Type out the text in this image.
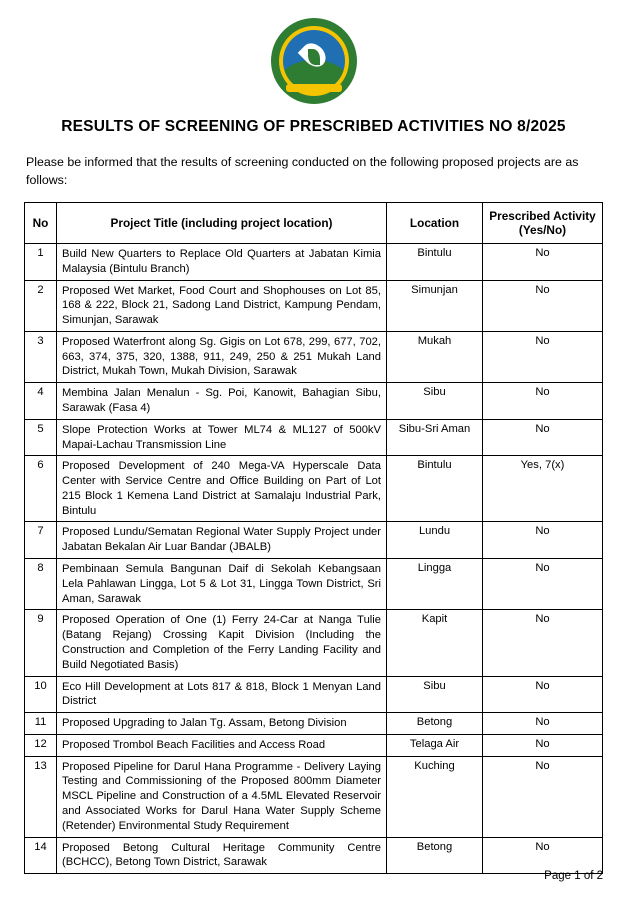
RESULTS OF SCREENING OF PRESCRIBED ACTIVITIES NO 8/2025

Please be informed that the results of screening conducted on the following proposed projects are as follows:

No	Project Title (including project location)	Location	Prescribed Activity (Yes/No)
1	Build New Quarters to Replace Old Quarters at Jabatan Kimia Malaysia (Bintulu Branch)	Bintulu	No
2	Proposed Wet Market, Food Court and Shophouses on Lot 85, 168 & 222, Block 21, Sadong Land District, Kampung Pendam, Simunjan, Sarawak	Simunjan	No
3	Proposed Waterfront along Sg. Gigis on Lot 678, 299, 677, 702, 663, 374, 375, 320, 1388, 911, 249, 250 & 251 Mukah Land District, Mukah Town, Mukah Division, Sarawak	Mukah	No
4	Membina Jalan Menalun - Sg. Poi, Kanowit, Bahagian Sibu, Sarawak (Fasa 4)	Sibu	No
5	Slope Protection Works at Tower ML74 & ML127 of 500kV Mapai-Lachau Transmission Line	Sibu-Sri Aman	No
6	Proposed Development of 240 Mega-VA Hyperscale Data Center with Service Centre and Office Building on Part of Lot 215 Block 1 Kemena Land District at Samalaju Industrial Park, Bintulu	Bintulu	Yes, 7(x)
7	Proposed Lundu/Sematan Regional Water Supply Project under Jabatan Bekalan Air Luar Bandar (JBALB)	Lundu	No
8	Pembinaan Semula Bangunan Daif di Sekolah Kebangsaan Lela Pahlawan Lingga, Lot 5 & Lot 31, Lingga Town District, Sri Aman, Sarawak	Lingga	No
9	Proposed Operation of One (1) Ferry 24-Car at Nanga Tulie (Batang Rejang) Crossing Kapit Division (Including the Construction and Completion of the Ferry Landing Facility and Build Negotiated Basis)	Kapit	No
10	Eco Hill Development at Lots 817 & 818, Block 1 Menyan Land District	Sibu	No
11	Proposed Upgrading to Jalan Tg. Assam, Betong Division	Betong	No
12	Proposed Trombol Beach Facilities and Access Road	Telaga Air	No
13	Proposed Pipeline for Darul Hana Programme - Delivery Laying Testing and Commissioning of the Proposed 800mm Diameter MSCL Pipeline and Construction of a 4.5ML Elevated Reservoir and Associated Works for Darul Hana Water Supply Scheme (Retender) Environmental Study Requirement	Kuching	No
14	Proposed Betong Cultural Heritage Community Centre (BCHCC), Betong Town District, Sarawak	Betong	No
Page 1 of 2
